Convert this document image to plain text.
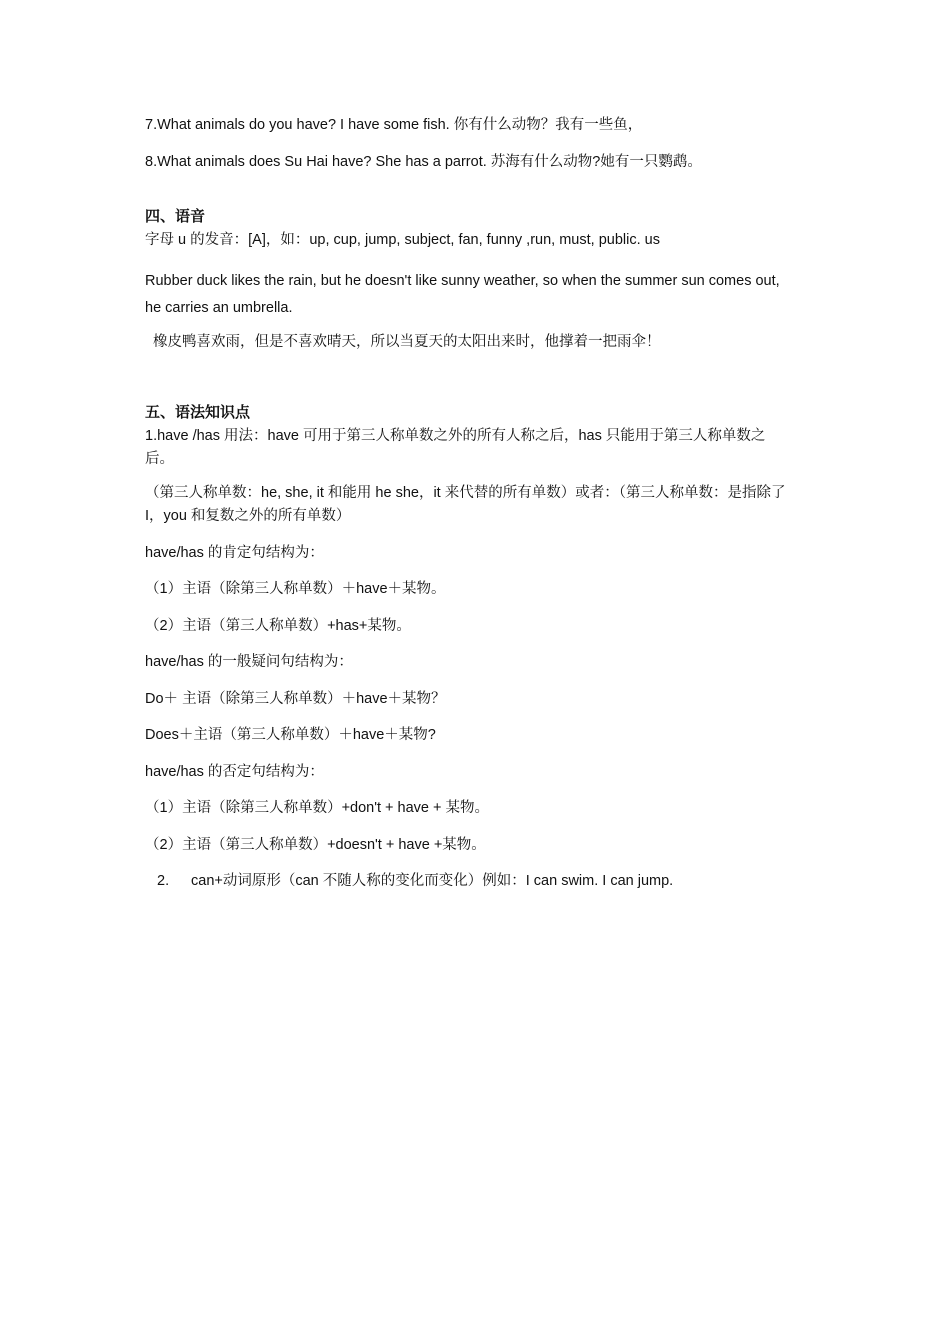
7.What animals do you have? I have some fish. 你有什么动物？我有一些鱼，
8.What animals does Su Hai have? She has a parrot. 苏海有什么动物?她有一只鹦鹉。
四、语音
字母 u 的发音：[A]，如：up, cup, jump, subject, fan, funny ,run, must, public. us
Rubber duck likes the rain, but he doesn't like sunny weather, so when the summer sun comes out, he carries an umbrella.
橡皮鸭喜欢雨，但是不喜欢晴天，所以当夏天的太阳出来时，他撑着一把雨伞！
五、语法知识点
1.have /has 用法：have 可用于第三人称单数之外的所有人称之后，has 只能用于第三人称单数之后。
（第三人称单数：he, she, it 和能用 he she，it 来代替的所有单数）或者：（第三人称单数：是指除了 I，you 和复数之外的所有单数）
have/has 的肯定句结构为：
（1）主语（除第三人称单数）＋have＋某物。
（2）主语（第三人称单数）+has+某物。
have/has 的一般疑问句结构为：
Do＋ 主语（除第三人称单数）＋have＋某物？
Does＋主语（第三人称单数）＋have＋某物?
have/has 的否定句结构为：
（1）主语（除第三人称单数）+don't + have + 某物。
（2）主语（第三人称单数）+doesn't + have +某物。
2. can+动词原形（can 不随人称的变化而变化）例如：I can swim. I can jump.
